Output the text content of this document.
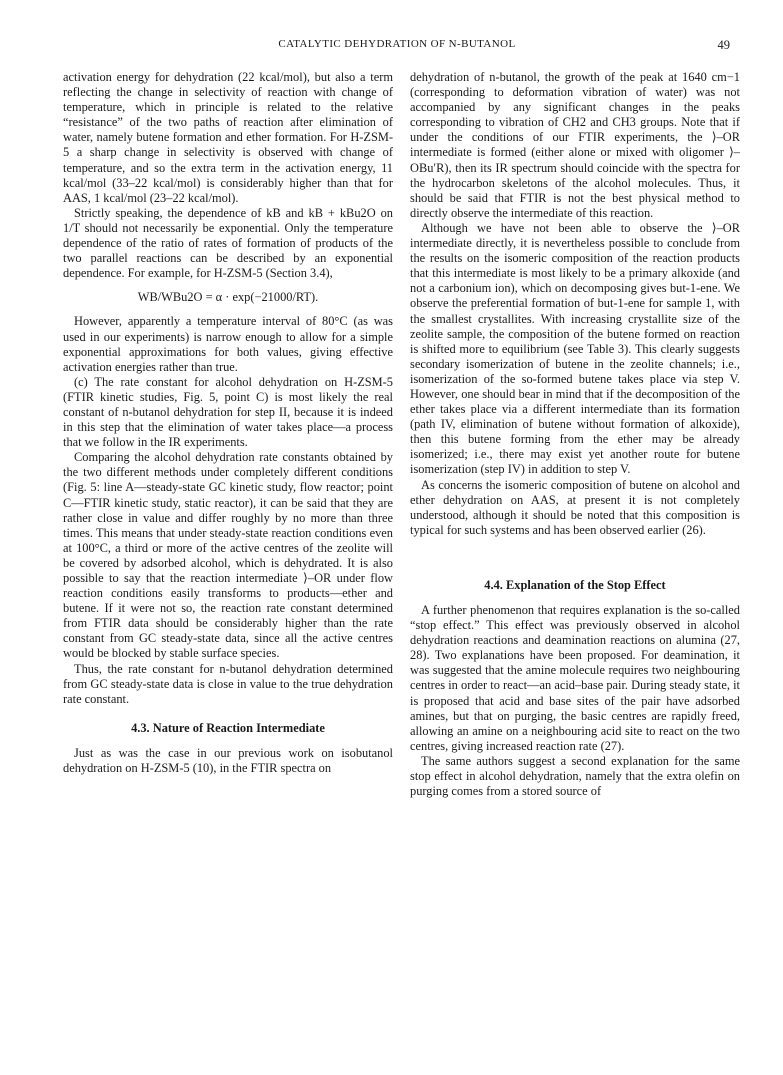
CATALYTIC DEHYDRATION OF N-BUTANOL	49

activation energy for dehydration (22 kcal/mol), but also a term reflecting the change in selectivity of reaction with change of temperature, which in principle is related to the relative “resistance” of the two paths of reaction after elimination of water, namely butene formation and ether formation. For H-ZSM-5 a sharp change in selectivity is observed with change of temperature, and so the extra term in the activation energy, 11 kcal/mol (33–22 kcal/mol) is considerably higher than that for AAS, 1 kcal/mol (23–22 kcal/mol).

Strictly speaking, the dependence of kB and kB + kBu2O on 1/T should not necessarily be exponential. Only the temperature dependence of the ratio of rates of formation of products of the two parallel reactions can be described by an exponential dependence. For example, for H-ZSM-5 (Section 3.4),

WB/WBu2O = α · exp(−21000/RT).

However, apparently a temperature interval of 80°C (as was used in our experiments) is narrow enough to allow for a simple exponential approximations for both values, giving effective activation energies rather than true.

(c) The rate constant for alcohol dehydration on H-ZSM-5 (FTIR kinetic studies, Fig. 5, point C) is most likely the real constant of n-butanol dehydration for step II, because it is indeed in this step that the elimination of water takes place—a process that we follow in the IR experiments.

Comparing the alcohol dehydration rate constants obtained by the two different methods under completely different conditions (Fig. 5: line A—steady-state GC kinetic study, flow reactor; point C—FTIR kinetic study, static reactor), it can be said that they are rather close in value and differ roughly by no more than three times. This means that under steady-state reaction conditions even at 100°C, a third or more of the active centres of the zeolite will be covered by adsorbed alcohol, which is dehydrated. It is also possible to say that the reaction intermediate ⟩–OR under flow reaction conditions easily transforms to products—ether and butene. If it were not so, the reaction rate constant determined from FTIR data should be considerably higher than the rate constant from GC steady-state data, since all the active centres would be blocked by stable surface species.

Thus, the rate constant for n-butanol dehydration determined from GC steady-state data is close in value to the true dehydration rate constant.

4.3. Nature of Reaction Intermediate

Just as was the case in our previous work on isobutanol dehydration on H-ZSM-5 (10), in the FTIR spectra on

dehydration of n-butanol, the growth of the peak at 1640 cm−1 (corresponding to deformation vibration of water) was not accompanied by any significant changes in the peaks corresponding to vibration of CH2 and CH3 groups. Note that if under the conditions of our FTIR experiments, the ⟩–OR intermediate is formed (either alone or mixed with oligomer ⟩–OBu′R), then its IR spectrum should coincide with the spectra for the hydrocarbon skeletons of the alcohol molecules. Thus, it should be said that FTIR is not the best physical method to directly observe the intermediate of this reaction.

Although we have not been able to observe the ⟩–OR intermediate directly, it is nevertheless possible to conclude from the results on the isomeric composition of the reaction products that this intermediate is most likely to be a primary alkoxide (and not a carbonium ion), which on decomposing gives but-1-ene. We observe the preferential formation of but-1-ene for sample 1, with the smallest crystallites. With increasing crystallite size of the zeolite sample, the composition of the butene formed on reaction is shifted more to equilibrium (see Table 3). This clearly suggests secondary isomerization of butene in the zeolite channels; i.e., isomerization of the so-formed butene takes place via step V. However, one should bear in mind that if the decomposition of the ether takes place via a different intermediate than its formation (path IV, elimination of butene without formation of alkoxide), then this butene forming from the ether may be already isomerized; i.e., there may exist yet another route for butene isomerization (step IV) in addition to step V.

As concerns the isomeric composition of butene on alcohol and ether dehydration on AAS, at present it is not completely understood, although it should be noted that this composition is typical for such systems and has been observed earlier (26).

4.4. Explanation of the Stop Effect

A further phenomenon that requires explanation is the so-called “stop effect.” This effect was previously observed in alcohol dehydration reactions and deamination reactions on alumina (27, 28). Two explanations have been proposed. For deamination, it was suggested that the amine molecule requires two neighbouring centres in order to react—an acid–base pair. During steady state, it is proposed that acid and base sites of the pair have adsorbed amines, but that on purging, the basic centres are rapidly freed, allowing an amine on a neighbouring acid site to react on the two centres, giving increased reaction rate (27).

The same authors suggest a second explanation for the same stop effect in alcohol dehydration, namely that the extra olefin on purging comes from a stored source of
